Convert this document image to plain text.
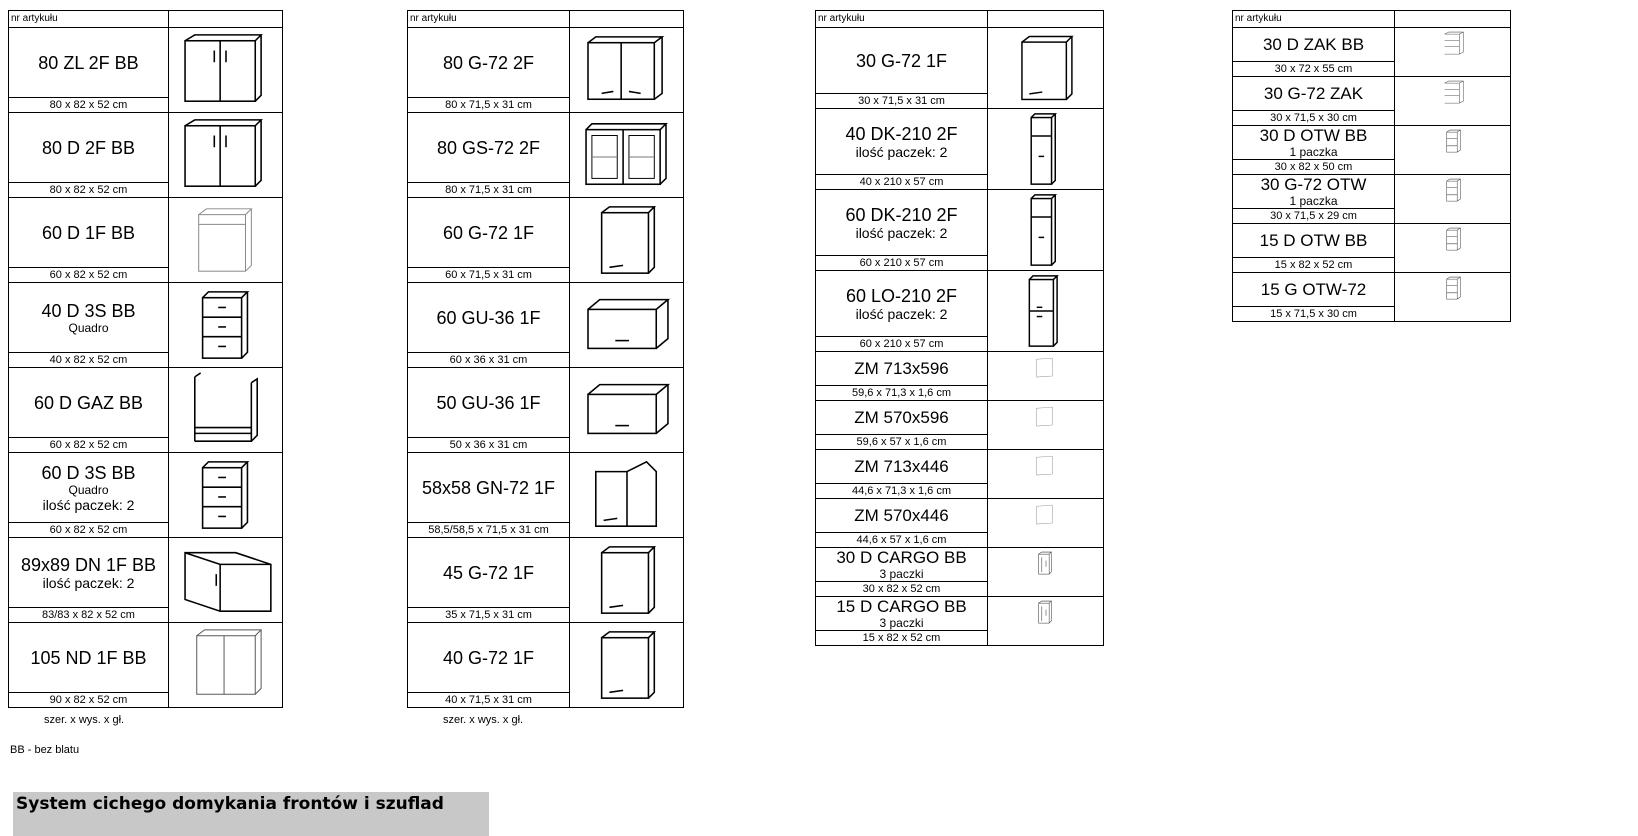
nr artykułu	

80 ZL 2F BB

80 x 82 x 52 cm	

80 D 2F BB

80 x 82 x 52 cm	

60 D 1F BB

60 x 82 x 52 cm	

40 D 3S BB
Quadro

40 x 82 x 52 cm	

60 D GAZ BB

60 x 82 x 52 cm	

60 D 3S BB
Quadro
ilość paczek: 2

60 x 82 x 52 cm	

89x89 DN 1F BB
ilość paczek: 2

83/83 x 82 x 52 cm	

105 ND 1F BB

90 x 82 x 52 cm	
szer. x wys. x gł.
nr artykułu	

80 G-72 2F

80 x 71,5 x 31 cm	

80 GS-72 2F

80 x 71,5 x 31 cm	

60 G-72 1F

60 x 71,5 x 31 cm	

60 GU-36 1F

60 x 36 x 31 cm	

50 GU-36 1F

50 x 36 x 31 cm	

58x58 GN-72 1F

58,5/58,5 x 71,5 x 31 cm	

45 G-72 1F

35 x 71,5 x 31 cm	

40 G-72 1F

40 x 71,5 x 31 cm	
szer. x wys. x gł.
nr artykułu	

30 G-72 1F

30 x 71,5 x 31 cm	

40 DK-210 2F
ilość paczek: 2

40 x 210 x 57 cm	

60 DK-210 2F
ilość paczek: 2

60 x 210 x 57 cm	

60 LO-210 2F
ilość paczek: 2

60 x 210 x 57 cm	

ZM 713x596

59,6 x 71,3 x 1,6 cm	

ZM 570x596

59,6 x 57 x 1,6 cm	

ZM 713x446

44,6 x 71,3 x 1,6 cm	

ZM 570x446

44,6 x 57 x 1,6 cm	

30 D CARGO BB
3 paczki

30 x 82 x 52 cm	

15 D CARGO BB
3 paczki

15 x 82 x 52 cm	
nr artykułu	

30 D ZAK BB

30 x 72 x 55 cm	

30 G-72 ZAK

30 x 71,5 x 30 cm	

30 D OTW BB
1 paczka

30 x 82 x 50 cm	

30 G-72 OTW
1 paczka

30 x 71,5 x 29 cm	

15 D OTW BB

15 x 82 x 52 cm	

15 G OTW-72

15 x 71,5 x 30 cm	
BB - bez blatu
System cichego domykania frontów i szuflad
